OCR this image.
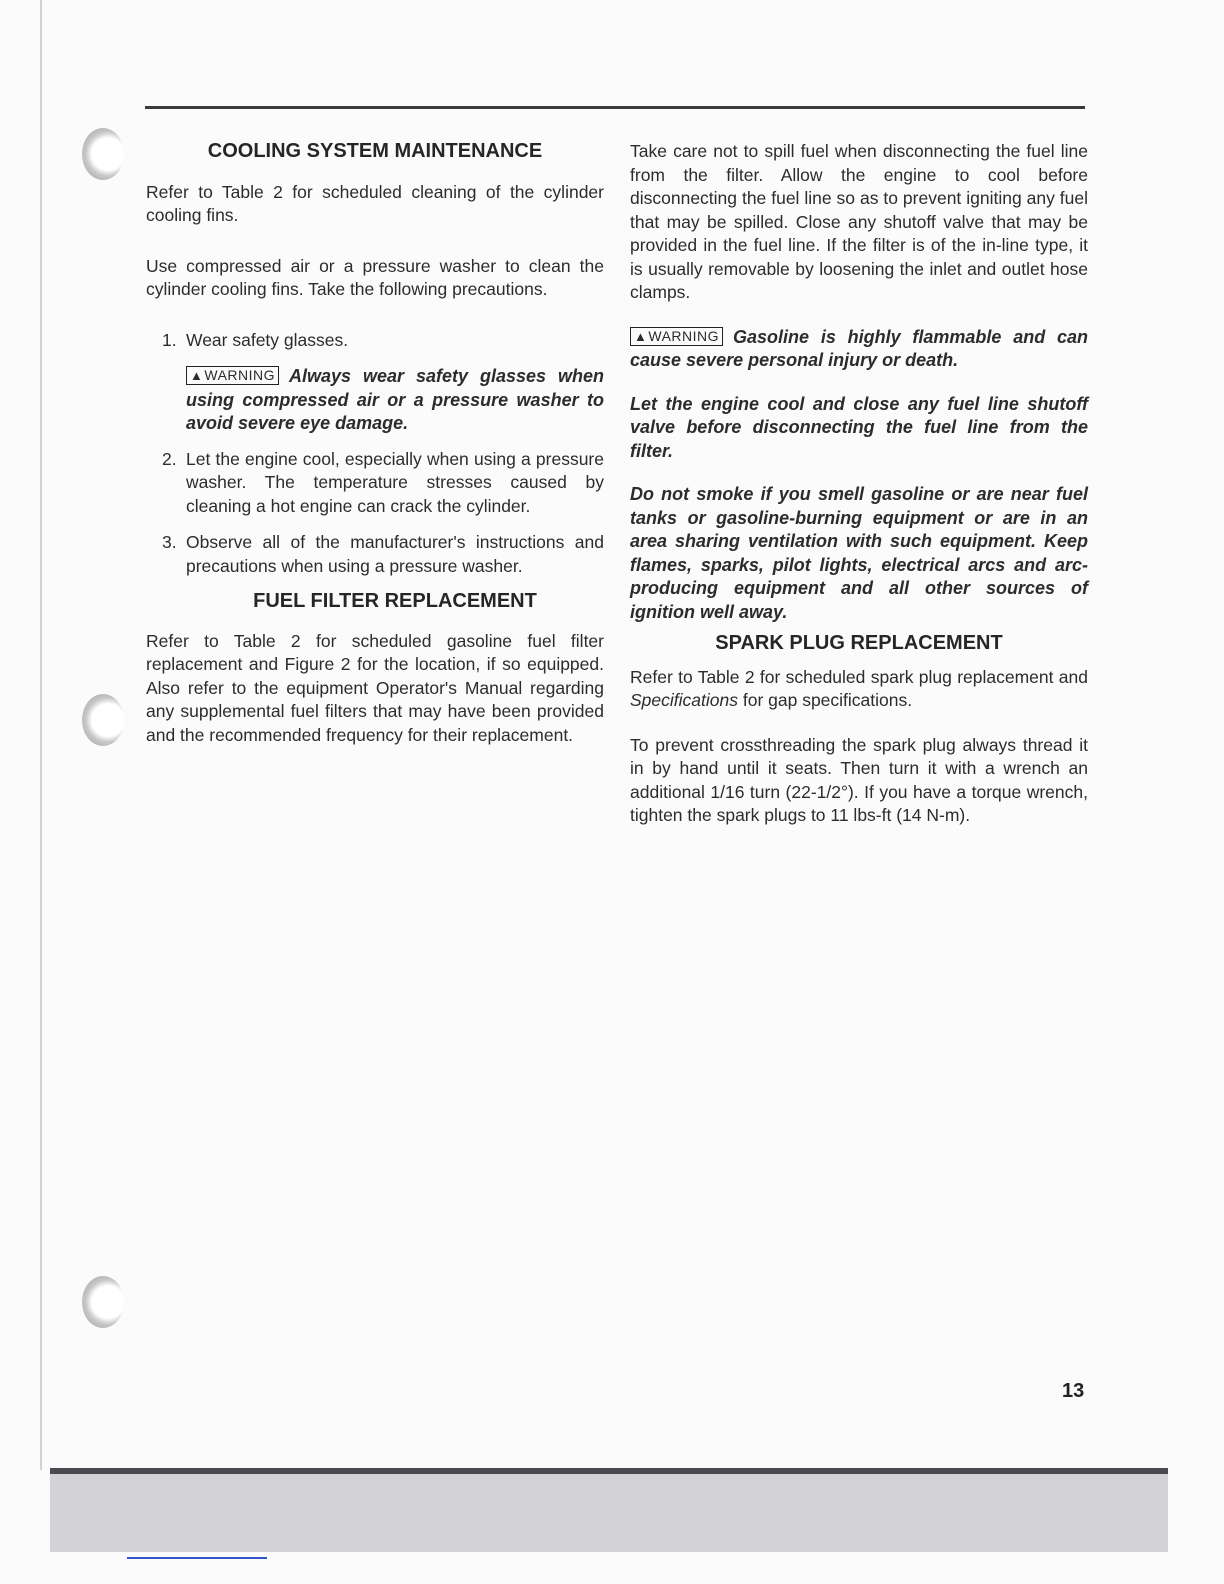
COOLING SYSTEM MAINTENANCE

Refer to Table 2 for scheduled cleaning of the cylinder cooling fins.

Use compressed air or a pressure washer to clean the cylinder cooling fins. Take the following precautions.

1. Wear safety glasses.

▲WARNING Always wear safety glasses when using compressed air or a pressure washer to avoid severe eye damage.

2. Let the engine cool, especially when using a pressure washer. The temperature stresses caused by cleaning a hot engine can crack the cylinder.

3. Observe all of the manufacturer's instructions and precautions when using a pressure washer.

FUEL FILTER REPLACEMENT

Refer to Table 2 for scheduled gasoline fuel filter replacement and Figure 2 for the location, if so equipped. Also refer to the equipment Operator's Manual regarding any supplemental fuel filters that may have been provided and the recommended frequency for their replacement.

Take care not to spill fuel when disconnecting the fuel line from the filter. Allow the engine to cool before disconnecting the fuel line so as to prevent igniting any fuel that may be spilled. Close any shutoff valve that may be provided in the fuel line. If the filter is of the in-line type, it is usually removable by loosening the inlet and outlet hose clamps.

▲WARNING Gasoline is highly flammable and can cause severe personal injury or death.

Let the engine cool and close any fuel line shutoff valve before disconnecting the fuel line from the filter.

Do not smoke if you smell gasoline or are near fuel tanks or gasoline-burning equipment or are in an area sharing ventilation with such equipment. Keep flames, sparks, pilot lights, electrical arcs and arc-producing equipment and all other sources of ignition well away.

SPARK PLUG REPLACEMENT

Refer to Table 2 for scheduled spark plug replacement and Specifications for gap specifications.

To prevent crossthreading the spark plug always thread it in by hand until it seats. Then turn it with a wrench an additional 1/16 turn (22-1/2°). If you have a torque wrench, tighten the spark plugs to 11 lbs-ft (14 N-m).

13
